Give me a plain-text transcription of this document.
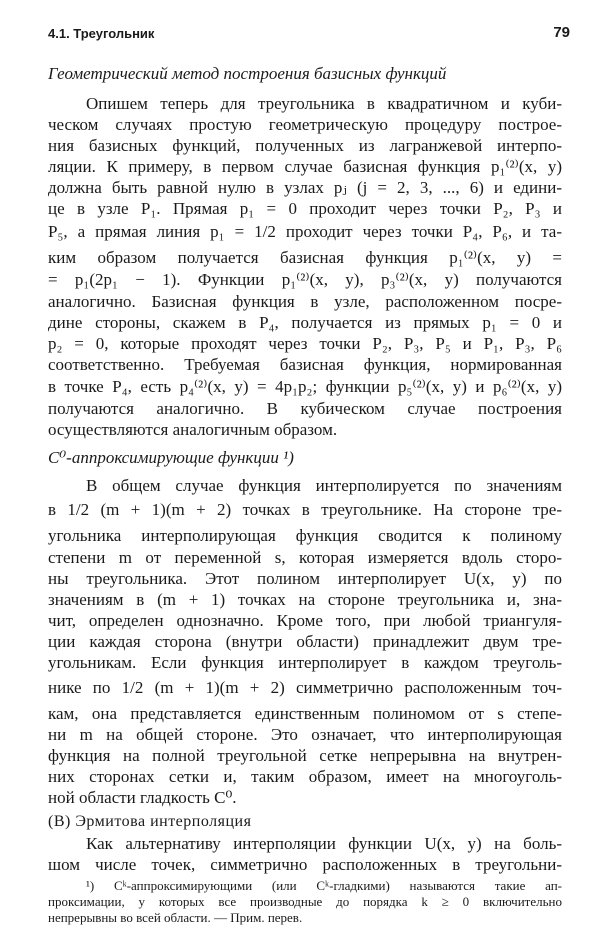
4.1. Треугольник	79
Геометрический метод построения базисных функций
Опишем теперь для треугольника в квадратичном и куби-
ческом случаях простую геометрическую процедуру построе-
ния базисных функций, полученных из лагранжевой интерпо-
ляции. К примеру, в первом случае базисная функция p₁⁽²⁾(x, y)
должна быть равной нулю в узлах pⱼ (j = 2, 3, ..., 6) и едини-
це в узле P₁. Прямая p₁ = 0 проходит через точки P₂, P₃ и
P₅, а прямая линия p₁ = 1/2 проходит через точки P₄, P₆, и та-
ким образом получается базисная функция p₁⁽²⁾(x, y) =
= p₁(2p₁ − 1). Функции p₁⁽²⁾(x, y), p₃⁽²⁾(x, y) получаются
аналогично. Базисная функция в узле, расположенном посре-
дине стороны, скажем в P₄, получается из прямых p₁ = 0 и
p₂ = 0, которые проходят через точки P₂, P₃, P₅ и P₁, P₃, P₆
соответственно. Требуемая базисная функция, нормированная
в точке P₄, есть p₄⁽²⁾(x, y) = 4p₁p₂; функции p₅⁽²⁾(x, y) и p₆⁽²⁾(x, y)
получаются аналогично. В кубическом случае построения
осуществляются аналогичным образом.
C⁰-аппроксимирующие функции ¹)
В общем случае функция интерполируется по значениям
в 1/2 (m + 1)(m + 2) точках в треугольнике. На стороне тре-
угольника интерполирующая функция сводится к полиному
степени m от переменной s, которая измеряется вдоль сторо-
ны треугольника. Этот полином интерполирует U(x, y) по
значениям в (m + 1) точках на стороне треугольника и, зна-
чит, определен однозначно. Кроме того, при любой триангуля-
ции каждая сторона (внутри области) принадлежит двум тре-
угольникам. Если функция интерполирует в каждом треуголь-
нике по 1/2 (m + 1)(m + 2) симметрично расположенным точ-
кам, она представляется единственным полиномом от s степе-
ни m на общей стороне. Это означает, что интерполирующая
функция на полной треугольной сетке непрерывна на внутрен-
них сторонах сетки и, таким образом, имеет на многоуголь-
ной области гладкость C⁰.
(B) Эрмитова интерполяция
Как альтернативу интерполяции функции U(x, y) на боль-
шом числе точек, симметрично расположенных в треугольни-
¹) Cᵏ-аппроксимирующими (или Cᵏ-гладкими) называются такие ап-
проксимации, у которых все производные до порядка k ≥ 0 включительно
непрерывны во всей области. — Прим. перев.
